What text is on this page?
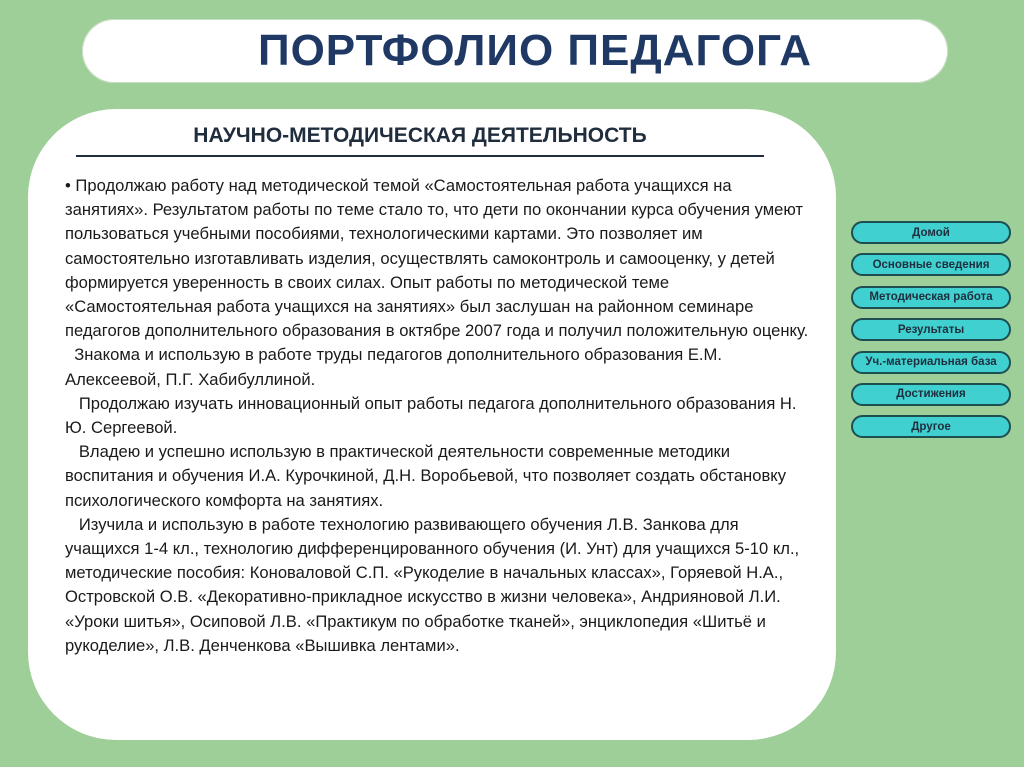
ПОРТФОЛИО ПЕДАГОГА
НАУЧНО-МЕТОДИЧЕСКАЯ ДЕЯТЕЛЬНОСТЬ

• Продолжаю работу над методической темой «Самостоятельная работа учащихся на занятиях». Результатом работы по теме стало то, что дети по окончании курса обучения умеют пользоваться учебными пособиями, технологическими картами. Это позволяет им самостоятельно изготавливать изделия, осуществлять самоконтроль и самооценку, у детей формируется уверенность в своих силах. Опыт работы по методической теме «Самостоятельная работа учащихся на занятиях» был заслушан на районном семинаре педагогов дополнительного образования в октябре 2007 года и получил положительную оценку.

Знакома и использую в работе труды педагогов дополнительного образования Е.М. Алексеевой, П.Г. Хабибуллиной.

Продолжаю изучать инновационный опыт работы педагога дополнительного образования Н. Ю. Сергеевой.

Владею и успешно использую в практической деятельности современные методики воспитания и обучения И.А. Курочкиной, Д.Н. Воробьевой, что позволяет создать обстановку психологического комфорта на занятиях.

Изучила и использую в работе технологию развивающего обучения Л.В. Занкова для учащихся 1-4 кл., технологию дифференцированного обучения (И. Унт) для учащихся 5-10 кл., методические пособия: Коноваловой С.П. «Рукоделие в начальных классах», Горяевой Н.А., Островской О.В. «Декоративно-прикладное искусство в жизни человека», Андрияновой Л.И. «Уроки шитья», Осиповой Л.В. «Практикум по обработке тканей», энциклопедия «Шитьё и рукоделие», Л.В. Денченкова «Вышивка лентами».

Домой
Основные сведения
Методическая работа
Результаты
Уч.-материальная база
Достижения
Другое
